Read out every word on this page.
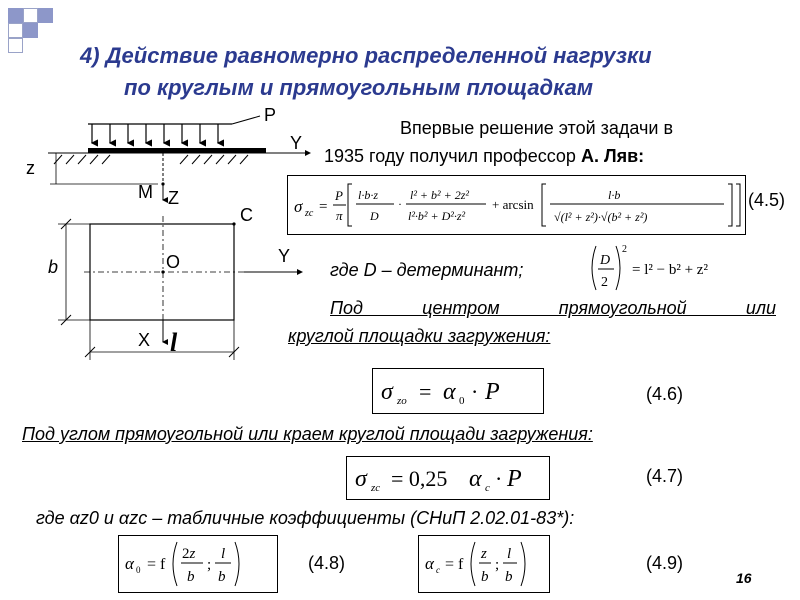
4) Действие равномерно распределенной нагрузки
по круглым и прямоугольным площадкам
P
Y
z
M Z
C
b	O	Y
X l
Впервые решение этой задачи в
1935 году получил профессор А. Ляв:
σ zc =
P
π
l·b·z
D
·
l² + b² + 2z²
l²·b² + D²·z²
+ arcsin
l·b
√(l² + z²)·√(b² + z²)
(4.5)
где D – детерминант;	D
2
2
= l² − b² + z²
Под центром прямоугольной или
круглой площадки загружения:
σ zo = α 0 · P	(4.6)
Под углом прямоугольной или краем круглой площади загружения:
σ zc = 0,25 α c · P	(4.7)
где αz0 и αzc – табличные коэффициенты (СНиП 2.02.01-83*):
α 0 = f
2z
b
;
l
b
(4.8)	α c = f
z
b
;
l
b
(4.9)
16
